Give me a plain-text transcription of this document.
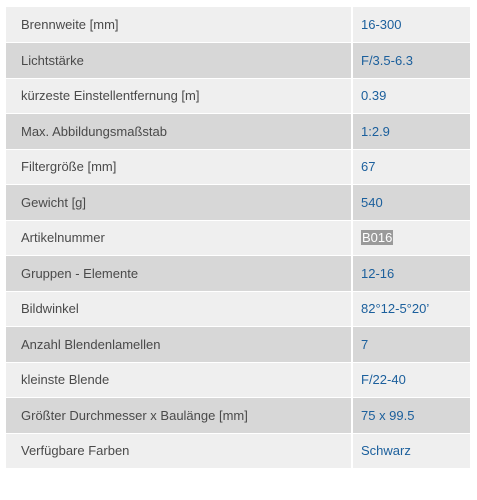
Brennweite [mm]	16-300
Lichtstärke	F/3.5-6.3
kürzeste Einstellentfernung [m]	0.39
Max. Abbildungsmaßstab	1:2.9
Filtergröße [mm]	67
Gewicht [g]	540
Artikelnummer	B016
Gruppen - Elemente	12-16
Bildwinkel	82°12-5°20’
Anzahl Blendenlamellen	7
kleinste Blende	F/22-40
Größter Durchmesser x Baulänge [mm]	75 x 99.5
Verfügbare Farben	Schwarz
